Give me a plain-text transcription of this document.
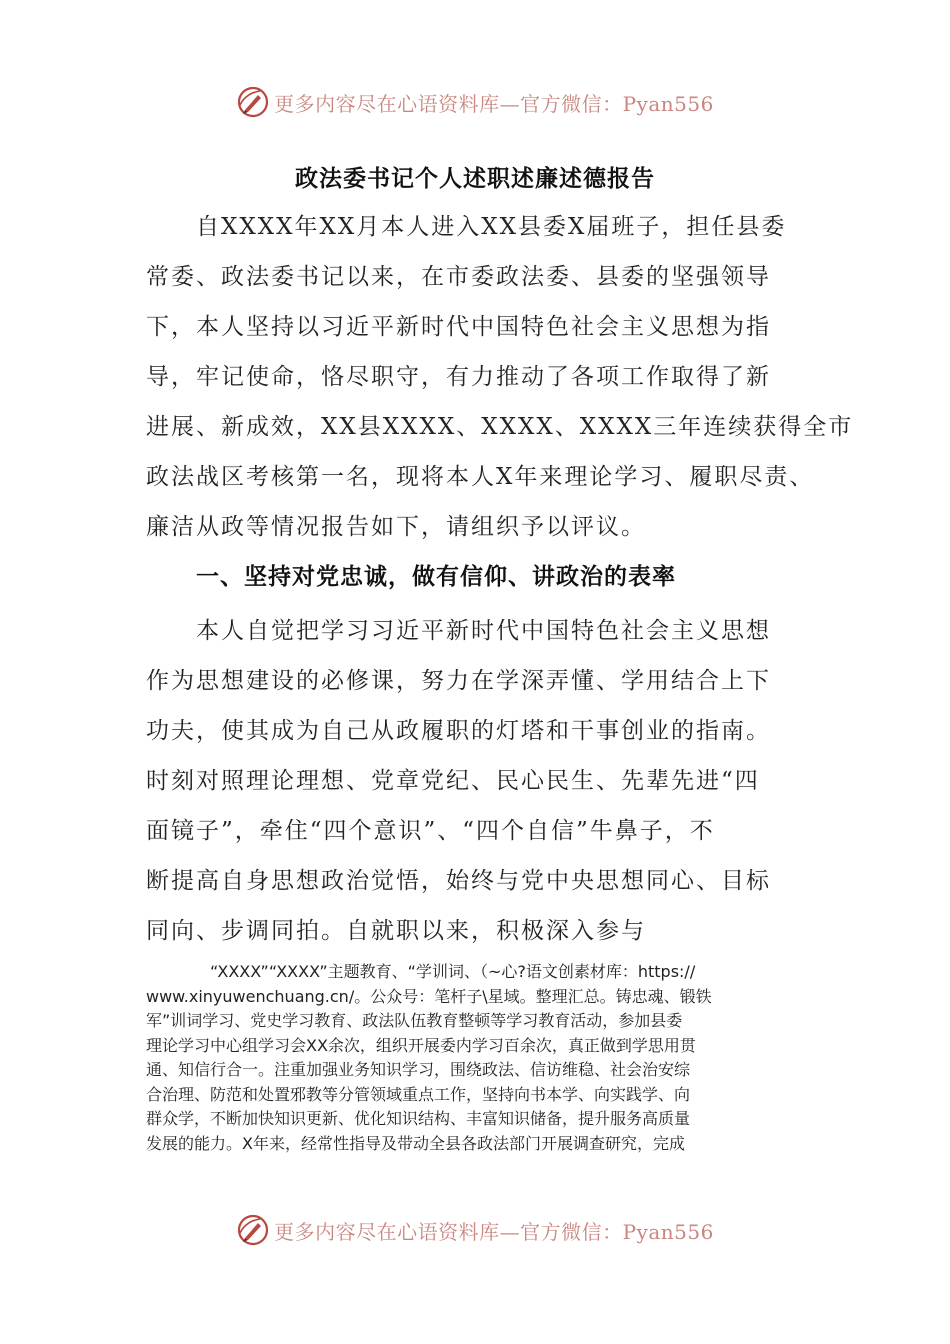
更多内容尽在心语资料库—官方微信：Pyan556
政法委书记个人述职述廉述德报告
　　自XXXX年XX月本人进入XX县委X届班子，担任县委
常委、政法委书记以来，在市委政法委、县委的坚强领导
下，本人坚持以习近平新时代中国特色社会主义思想为指
导，牢记使命，恪尽职守，有力推动了各项工作取得了新
进展、新成效，XX县XXXX、XXXX、XXXX三年连续获得全市
政法战区考核第一名，现将本人X年来理论学习、履职尽责、
廉洁从政等情况报告如下，请组织予以评议。
一、坚持对党忠诚，做有信仰、讲政治的表率
　　本人自觉把学习习近平新时代中国特色社会主义思想
作为思想建设的必修课，努力在学深弄懂、学用结合上下
功夫，使其成为自己从政履职的灯塔和干事创业的指南。
时刻对照理论理想、党章党纪、民心民生、先辈先进“四
面镜子”，牵住“四个意识”、“四个自信”牛鼻子，不
断提高自身思想政治觉悟，始终与党中央思想同心、目标
同向、步调同拍。自就职以来，积极深入参与
　　　　“XXXX”“XXXX”主题教育、“学训词、（~心?语文创素材库：https://
www.xinyuwenchuang.cn/。公众号：笔杆子\星域。整理汇总。铸忠魂、锻铁
军”训词学习、党史学习教育、政法队伍教育整顿等学习教育活动，参加县委
理论学习中心组学习会XX余次，组织开展委内学习百余次，真正做到学思用贯
通、知信行合一。注重加强业务知识学习，围绕政法、信访维稳、社会治安综
合治理、防范和处置邪教等分管领域重点工作，坚持向书本学、向实践学、向
群众学，不断加快知识更新、优化知识结构、丰富知识储备，提升服务高质量
发展的能力。X年来，经常性指导及带动全县各政法部门开展调查研究，完成
更多内容尽在心语资料库—官方微信：Pyan556
